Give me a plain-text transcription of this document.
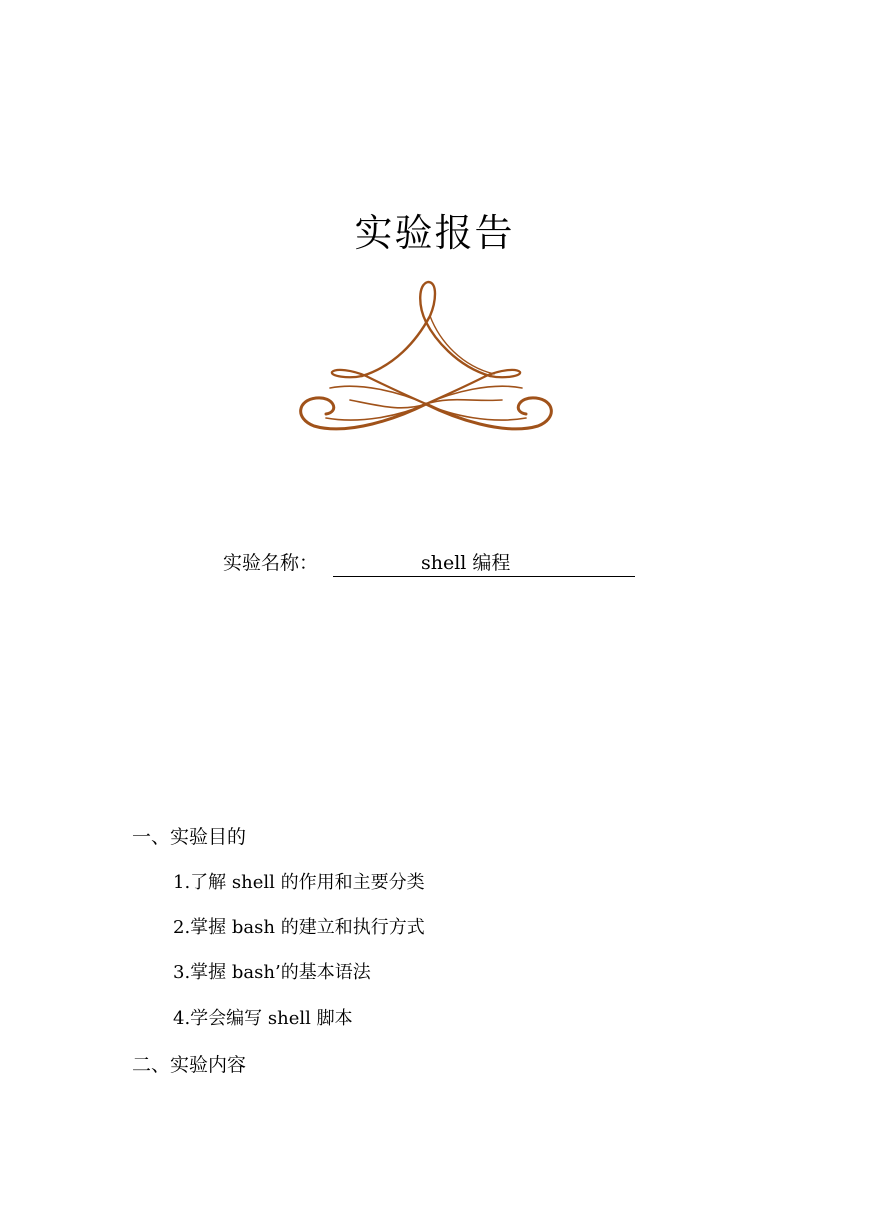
实验报告
实验名称：	shell 编程
一、实验目的
1.了解 shell 的作用和主要分类
2.掌握 bash 的建立和执行方式
3.掌握 bash’的基本语法
4.学会编写 shell 脚本
二、实验内容
